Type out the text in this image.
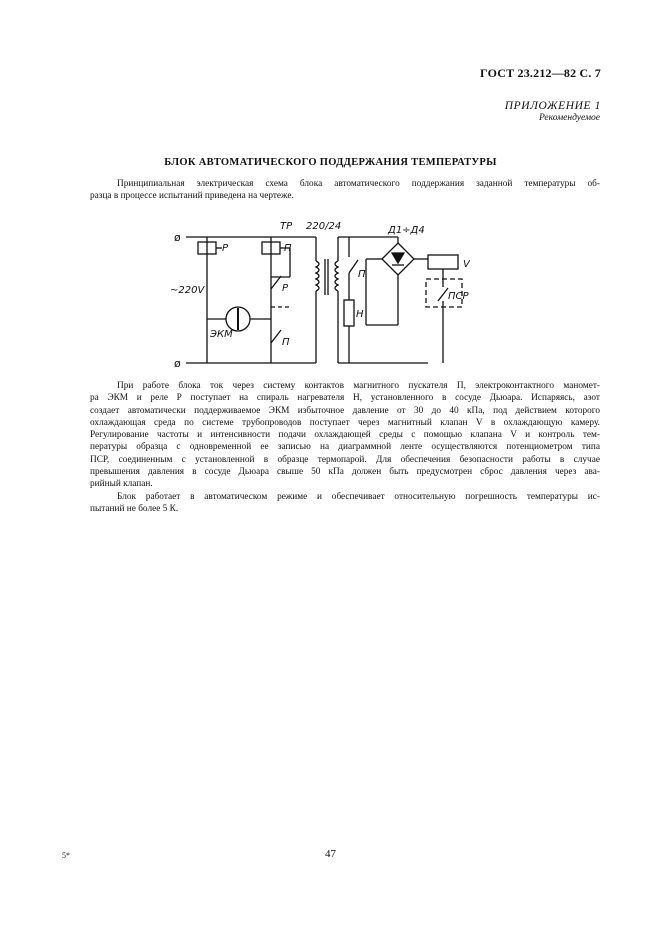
ГОСТ 23.212—82 С. 7
ПРИЛОЖЕНИЕ 1
Рекомендуемое
БЛОК АВТОМАТИЧЕСКОГО ПОДДЕРЖАНИЯ ТЕМПЕРАТУРЫ
Принципиальная электрическая схема блока автоматического поддержания заданной температуры об-
разца в процессе испытаний приведена на чертеже.
ø
ø
Р	П
Р
П
~220V
ЭКМ
ТР 220/24
П
Н
Д1÷Д4
V
ПСР
При работе блока ток через систему контактов магнитного пускателя П, электроконтактного маномет-
ра ЭКМ и реле Р поступает на спираль нагревателя Н, установленного в сосуде Дьюара. Испаряясь, азот
создает автоматически поддерживаемое ЭКМ избыточное давление от 30 до 40 кПа, под действием которого
охлаждающая среда по системе трубопроводов поступает через магнитный клапан V в охлаждающую камеру.
Регулирование частоты и интенсивности подачи охлаждающей среды с помощью клапана V и контроль тем-
пературы образца с одновременной ее записью на диаграммной ленте осуществляются потенциометром типа
ПСР, соединенным с установленной в образце термопарой. Для обеспечения безопасности работы в случае
превышения давления в сосуде Дьюара свыше 50 кПа должен быть предусмотрен сброс давления через ава-
рийный клапан.
Блок работает в автоматическом режиме и обеспечивает относительную погрешность температуры ис-
пытаний не более 5 К.
5*	47
